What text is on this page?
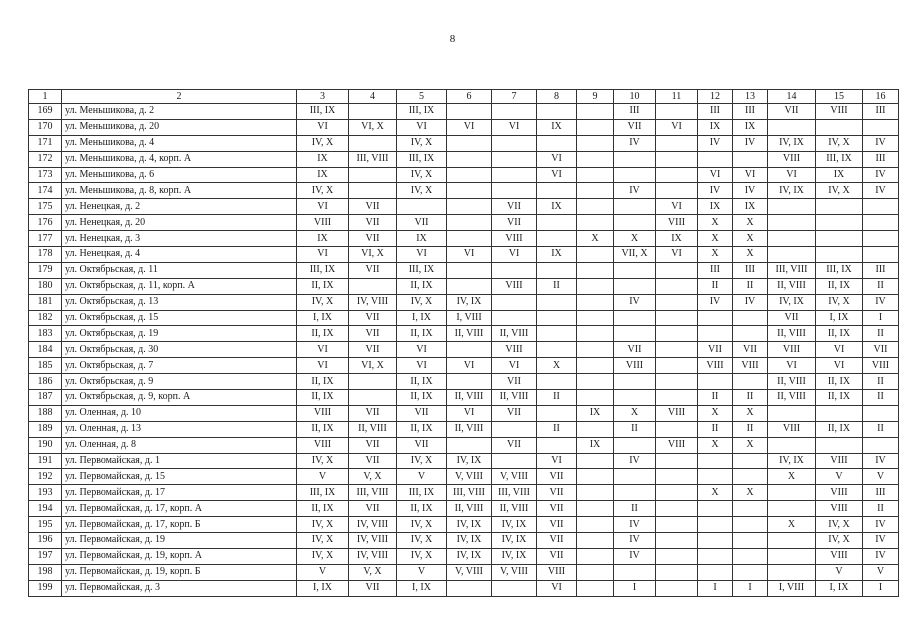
8
1	2	3	4	5	6	7	8	9	10	11	12	13	14	15	16
169	ул. Меньшикова, д. 2	III, IX		III, IX					III		III	III	VII	VIII	III
170	ул. Меньшикова, д. 20	VI	VI, X	VI	VI	VI	IX		VII	VI	IX	IX			
171	ул. Меньшикова, д. 4	IV, X		IV, X					IV		IV	IV	IV, IX	IV, X	IV
172	ул. Меньшикова, д. 4, корп. А	IX	III, VIII	III, IX			VI						VIII	III, IX	III
173	ул. Меньшикова, д. 6	IX		IV, X			VI				VI	VI	VI	IX	IV
174	ул. Меньшикова, д. 8, корп. А	IV, X		IV, X					IV		IV	IV	IV, IX	IV, X	IV
175	ул. Ненецкая, д. 2	VI	VII			VII	IX			VI	IX	IX			
176	ул. Ненецкая, д. 20	VIII	VII	VII		VII				VIII	X	X			
177	ул. Ненецкая, д. 3	IX	VII	IX		VIII		X	X	IX	X	X			
178	ул. Ненецкая, д. 4	VI	VI, X	VI	VI	VI	IX		VII, X	VI	X	X			
179	ул. Октябрьская, д. 11	III, IX	VII	III, IX							III	III	III, VIII	III, IX	III
180	ул. Октябрьская, д. 11, корп. А	II, IX		II, IX		VIII	II				II	II	II, VIII	II, IX	II
181	ул. Октябрьская, д. 13	IV, X	IV, VIII	IV, X	IV, IX				IV		IV	IV	IV, IX	IV, X	IV
182	ул. Октябрьская, д. 15	I, IX	VII	I, IX	I, VIII								VII	I, IX	I
183	ул. Октябрьская, д. 19	II, IX	VII	II, IX	II, VIII	II, VIII							II, VIII	II, IX	II
184	ул. Октябрьская, д. 30	VI	VII	VI		VIII			VII		VII	VII	VIII	VI	VII
185	ул. Октябрьская, д. 7	VI	VI, X	VI	VI	VI	X		VIII		VIII	VIII	VI	VI	VIII
186	ул. Октябрьская, д. 9	II, IX		II, IX		VII							II, VIII	II, IX	II
187	ул. Октябрьская, д. 9, корп. А	II, IX		II, IX	II, VIII	II, VIII	II				II	II	II, VIII	II, IX	II
188	ул. Оленная, д. 10	VIII	VII	VII	VI	VII		IX	X	VIII	X	X			
189	ул. Оленная, д. 13	II, IX	II, VIII	II, IX	II, VIII		II		II		II	II	VIII	II, IX	II
190	ул. Оленная, д. 8	VIII	VII	VII		VII		IX		VIII	X	X			
191	ул. Первомайская, д. 1	IV, X	VII	IV, X	IV, IX		VI		IV				IV, IX	VIII	IV
192	ул. Первомайская, д. 15	V	V, X	V	V, VIII	V, VIII	VII						X	V	V
193	ул. Первомайская, д. 17	III, IX	III, VIII	III, IX	III, VIII	III, VIII	VII				X	X		VIII	III
194	ул. Первомайская, д. 17, корп. А	II, IX	VII	II, IX	II, VIII	II, VIII	VII		II					VIII	II
195	ул. Первомайская, д. 17, корп. Б	IV, X	IV, VIII	IV, X	IV, IX	IV, IX	VII		IV				X	IV, X	IV
196	ул. Первомайская, д. 19	IV, X	IV, VIII	IV, X	IV, IX	IV, IX	VII		IV					IV, X	IV
197	ул. Первомайская, д. 19, корп. А	IV, X	IV, VIII	IV, X	IV, IX	IV, IX	VII		IV					VIII	IV
198	ул. Первомайская, д. 19, корп. Б	V	V, X	V	V, VIII	V, VIII	VIII							V	V
199	ул. Первомайская, д. 3	I, IX	VII	I, IX			VI		I		I	I	I, VIII	I, IX	I
